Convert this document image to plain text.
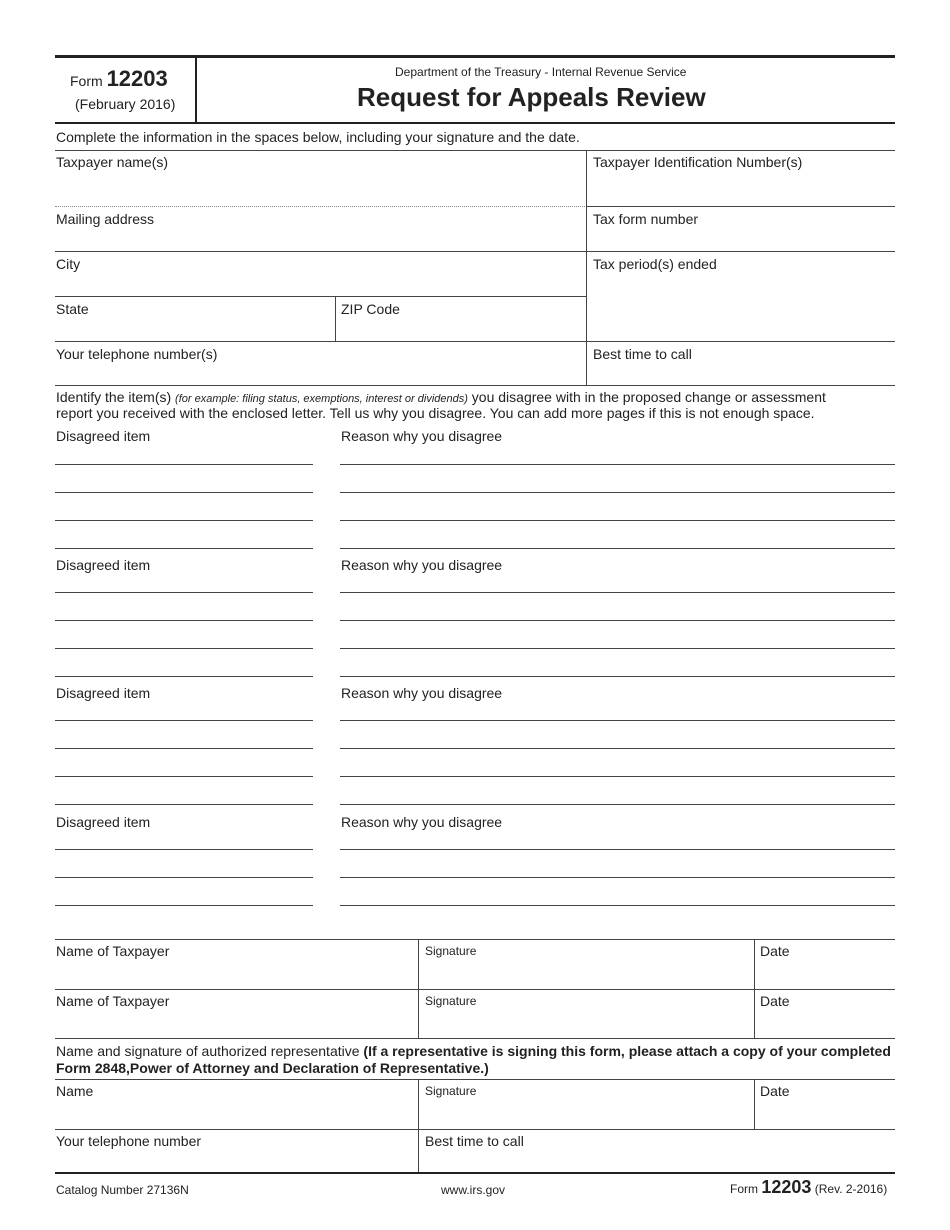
Form 12203
(February 2016)
Department of the Treasury - Internal Revenue Service
Request for Appeals Review
Complete the information in the spaces below, including your signature and the date.
Taxpayer name(s)	Taxpayer Identification Number(s)
Mailing address	Tax form number
City	Tax period(s) ended
State	ZIP Code
Your telephone number(s)	Best time to call
Identify the item(s) (for example: filing status, exemptions, interest or dividends) you disagree with in the proposed change or assessment
report you received with the enclosed letter. Tell us why you disagree. You can add more pages if this is not enough space.
Disagreed item	Reason why you disagree
Disagreed item	Reason why you disagree
Disagreed item	Reason why you disagree
Disagreed item	Reason why you disagree
Name of Taxpayer	Signature	Date
Name of Taxpayer	Signature	Date
Name and signature of authorized representative (If a representative is signing this form, please attach a copy of your completed
Form 2848,Power of Attorney and Declaration of Representative.)
Name	Signature	Date
Your telephone number	Best time to call
Catalog Number 27136N	www.irs.gov	Form 12203 (Rev. 2-2016)
